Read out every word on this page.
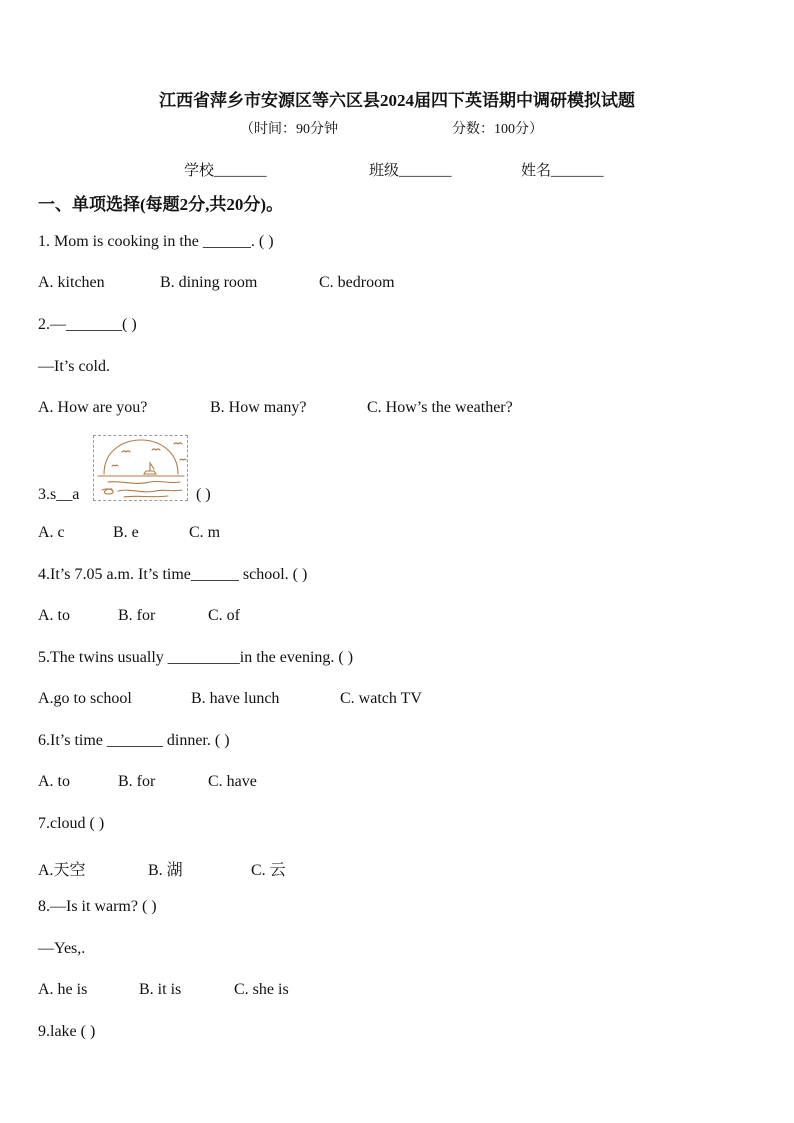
江西省萍乡市安源区等六区县2024届四下英语期中调研模拟试题
（时间：90分钟	分数：100分）
学校_______	班级_______	姓名_______
一、单项选择(每题2分,共20分)。
1. Mom is cooking in the ______. ( )
A. kitchen	B. dining room	C. bedroom
2.—_______( )
—It’s cold.
A. How are you?	B. How many?	C. How’s the weather?
3.s__a	( )
A. c	B. e	C. m
4.It’s 7.05 a.m. It’s time______ school. ( )
A. to	B. for	C. of
5.The twins usually _________in the evening. ( )
A.go to school	B. have lunch	C. watch TV
6.It’s time _______ dinner. ( )
A. to	B. for	C. have
7.cloud ( )
A.天空	B. 湖	C. 云
8.—Is it warm? ( )
—Yes,.
A. he is	B. it is	C. she is
9.lake ( )
